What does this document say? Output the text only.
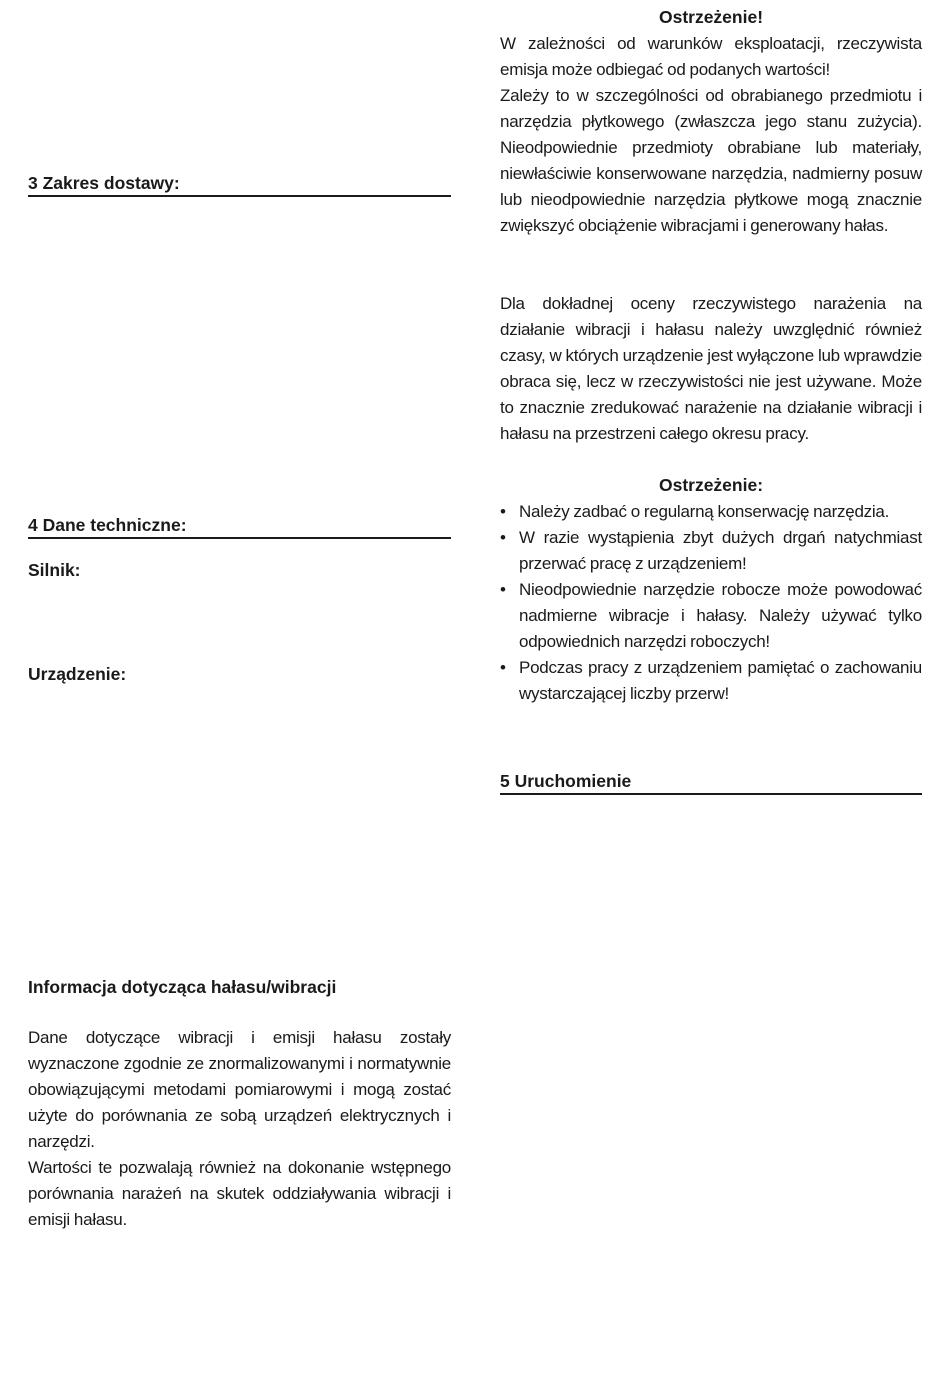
3 Zakres dostawy:
4 Dane techniczne:
Silnik:
Urządzenie:
Informacja dotycząca hałasu/wibracji
Dane dotyczące wibracji i emisji hałasu zostały wyznaczone zgodnie ze znormalizowanymi i normatywnie obowiązującymi metodami pomiarowymi i mogą zostać użyte do porównania ze sobą urządzeń elektrycznych i narzędzi.
Wartości te pozwalają również na dokonanie wstępnego porównania narażeń na skutek oddziaływania wibracji i emisji hałasu.
Ostrzeżenie!
W zależności od warunków eksploatacji, rzeczywista emisja może odbiegać od podanych wartości!
Zależy to w szczególności od obrabianego przedmiotu i narzędzia płytkowego (zwłaszcza jego stanu zużycia). Nieodpowiednie przedmioty obrabiane lub materiały, niewłaściwie konserwowane narzędzia, nadmierny posuw lub nieodpowiednie narzędzia płytkowe mogą znacznie zwiększyć obciążenie wibracjami i generowany hałas.
Dla dokładnej oceny rzeczywistego narażenia na działanie wibracji i hałasu należy uwzględnić również czasy, w których urządzenie jest wyłączone lub wprawdzie obraca się, lecz w rzeczywistości nie jest używane. Może to znacznie zredukować narażenie na działanie wibracji i hałasu na przestrzeni całego okresu pracy.
Ostrzeżenie:
• Należy zadbać o regularną konserwację narzędzia.
• W razie wystąpienia zbyt dużych drgań natychmiast przerwać pracę z urządzeniem!
• Nieodpowiednie narzędzie robocze może powodować nadmierne wibracje i hałasy. Należy używać tylko odpowiednich narzędzi roboczych!
• Podczas pracy z urządzeniem pamiętać o zachowaniu wystarczającej liczby przerw!
5 Uruchomienie
